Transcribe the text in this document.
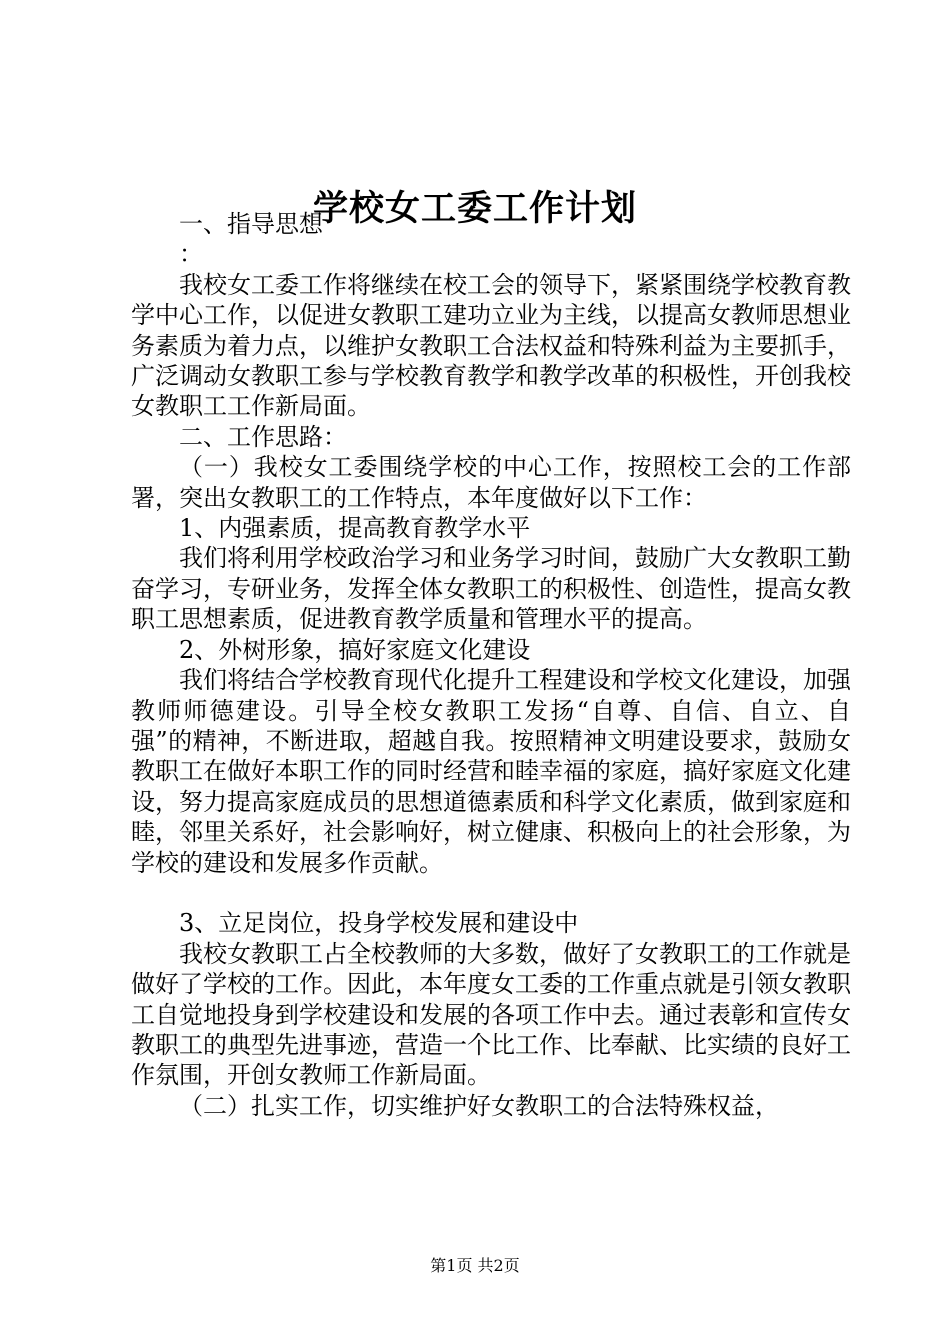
学校女工委工作计划

一、指导思想

：

我校女工委工作将继续在校工会的领导下，紧紧围绕学校教育教学中心工作，以促进女教职工建功立业为主线，以提高女教师思想业务素质为着力点，以维护女教职工合法权益和特殊利益为主要抓手，广泛调动女教职工参与学校教育教学和教学改革的积极性，开创我校女教职工工作新局面。

二、工作思路：

（一）我校女工委围绕学校的中心工作，按照校工会的工作部署，突出女教职工的工作特点，本年度做好以下工作：

1、内强素质，提高教育教学水平

我们将利用学校政治学习和业务学习时间，鼓励广大女教职工勤奋学习，专研业务，发挥全体女教职工的积极性、创造性，提高女教职工思想素质，促进教育教学质量和管理水平的提高。

2、外树形象，搞好家庭文化建设

我们将结合学校教育现代化提升工程建设和学校文化建设，加强教师师德建设。引导全校女教职工发扬“自尊、自信、自立、自强”的精神，不断进取，超越自我。按照精神文明建设要求，鼓励女教职工在做好本职工作的同时经营和睦幸福的家庭，搞好家庭文化建设，努力提高家庭成员的思想道德素质和科学文化素质，做到家庭和睦，邻里关系好，社会影响好，树立健康、积极向上的社会形象，为学校的建设和发展多作贡献。

3、立足岗位，投身学校发展和建设中

我校女教职工占全校教师的大多数，做好了女教职工的工作就是做好了学校的工作。因此，本年度女工委的工作重点就是引领女教职工自觉地投身到学校建设和发展的各项工作中去。通过表彰和宣传女教职工的典型先进事迹，营造一个比工作、比奉献、比实绩的良好工作氛围，开创女教师工作新局面。

（二）扎实工作，切实维护好女教职工的合法特殊权益，

第1页 共2页
